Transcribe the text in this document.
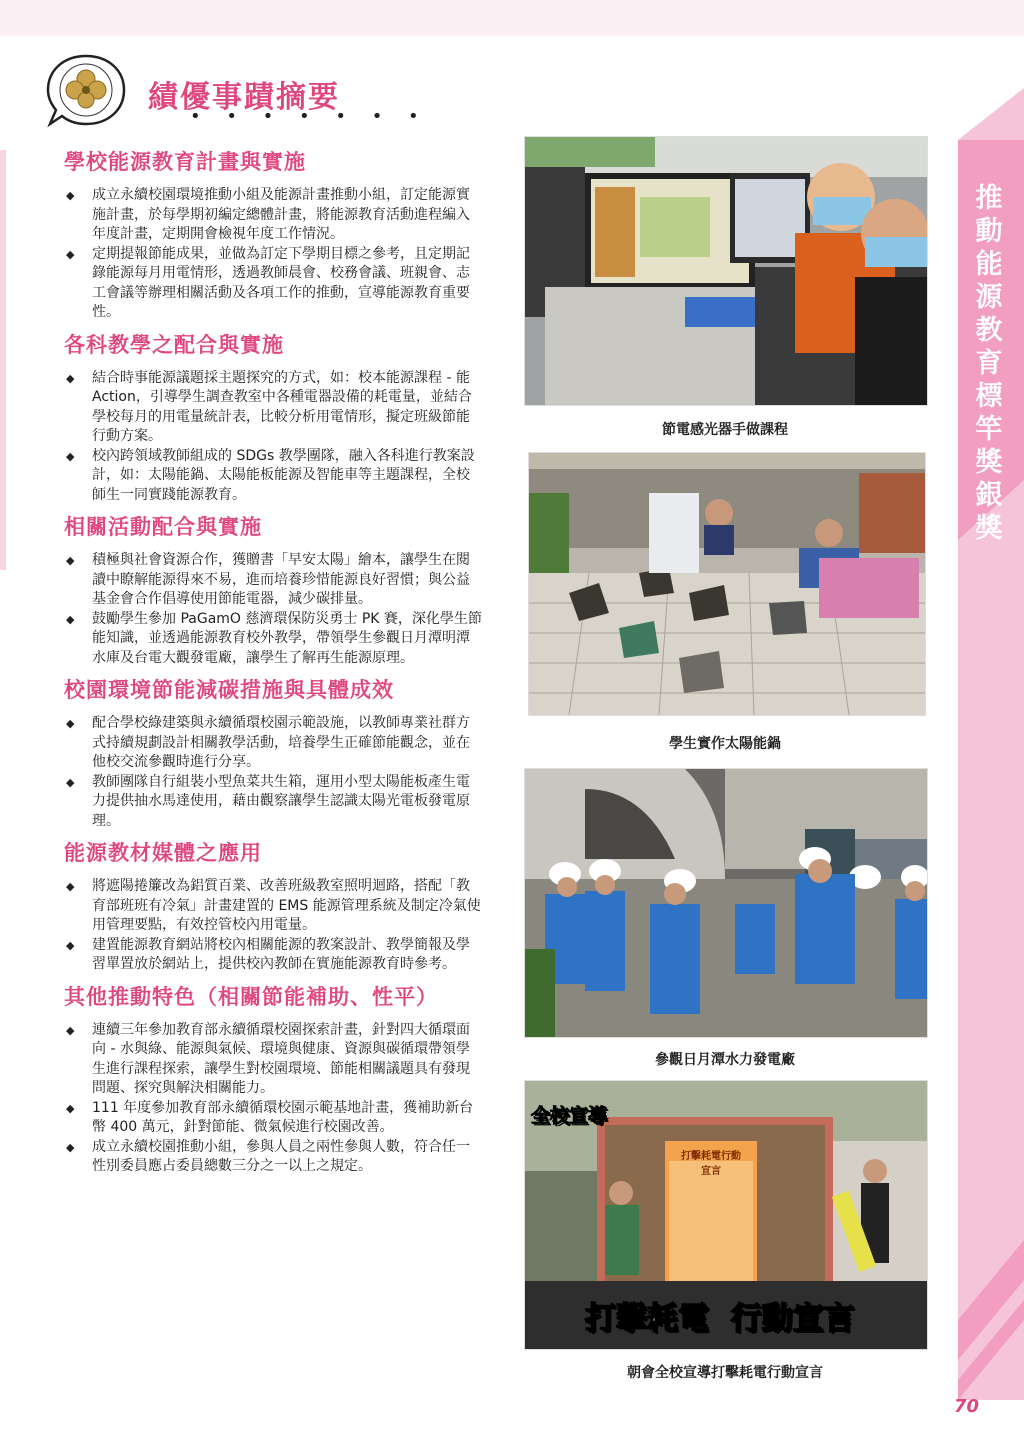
績優事蹟摘要
• • • • • • •
學校能源教育計畫與實施
◆ 成立永續校園環境推動小組及能源計畫推動小組，訂定能源實施計畫，於每學期初編定總體計畫，將能源教育活動進程編入年度計畫，定期開會檢視年度工作情況。
◆ 定期提報節能成果，並做為訂定下學期目標之參考，且定期記錄能源每月用電情形，透過教師晨會、校務會議、班親會、志工會議等辦理相關活動及各項工作的推動，宣導能源教育重要性。
各科教學之配合與實施
◆ 結合時事能源議題採主題探究的方式，如：校本能源課程 - 能 Action，引導學生調查教室中各種電器設備的耗電量，並結合學校每月的用電量統計表，比較分析用電情形，擬定班級節能行動方案。
◆ 校內跨領域教師組成的 SDGs 教學團隊，融入各科進行教案設計，如：太陽能鍋、太陽能板能源及智能車等主題課程，全校師生一同實踐能源教育。
相關活動配合與實施
◆ 積極與社會資源合作，獲贈書「早安太陽」繪本，讓學生在閱讀中瞭解能源得來不易，進而培養珍惜能源良好習慣；與公益基金會合作倡導使用節能電器，減少碳排量。
◆ 鼓勵學生參加 PaGamO 慈濟環保防災勇士 PK 賽，深化學生節能知識，並透過能源教育校外教學，帶領學生參觀日月潭明潭水庫及台電大觀發電廠，讓學生了解再生能源原理。
校園環境節能減碳措施與具體成效
◆ 配合學校綠建築與永續循環校園示範設施，以教師專業社群方式持續規劃設計相關教學活動，培養學生正確節能觀念，並在他校交流參觀時進行分享。
◆ 教師團隊自行組裝小型魚菜共生箱，運用小型太陽能板產生電力提供抽水馬達使用，藉由觀察讓學生認識太陽光電板發電原理。
能源教材媒體之應用
◆ 將遮陽捲簾改為鋁質百業、改善班級教室照明迴路，搭配「教育部班班有冷氣」計畫建置的 EMS 能源管理系統及制定冷氣使用管理要點，有效控管校內用電量。
◆ 建置能源教育網站將校內相關能源的教案設計、教學簡報及學習單置放於網站上，提供校內教師在實施能源教育時參考。
其他推動特色（相關節能補助、性平）
◆ 連續三年參加教育部永續循環校園探索計畫，針對四大循環面向 - 水與綠、能源與氣候、環境與健康、資源與碳循環帶領學生進行課程探索，讓學生對校園環境、節能相關議題具有發現問題、探究與解決相關能力。
◆ 111 年度參加教育部永續循環校園示範基地計畫，獲補助新台幣 400 萬元，針對節能、微氣候進行校園改善。
◆ 成立永續校園推動小組，參與人員之兩性參與人數，符合任一性別委員應占委員總數三分之一以上之規定。
節電感光器手做課程
學生實作太陽能鍋
參觀日月潭水力發電廠
打擊耗電行動宣言
全校宣導
打擊耗電  行動宣言
朝會全校宣導打擊耗電行動宣言
推動能源教育標竿獎 銀獎
70
